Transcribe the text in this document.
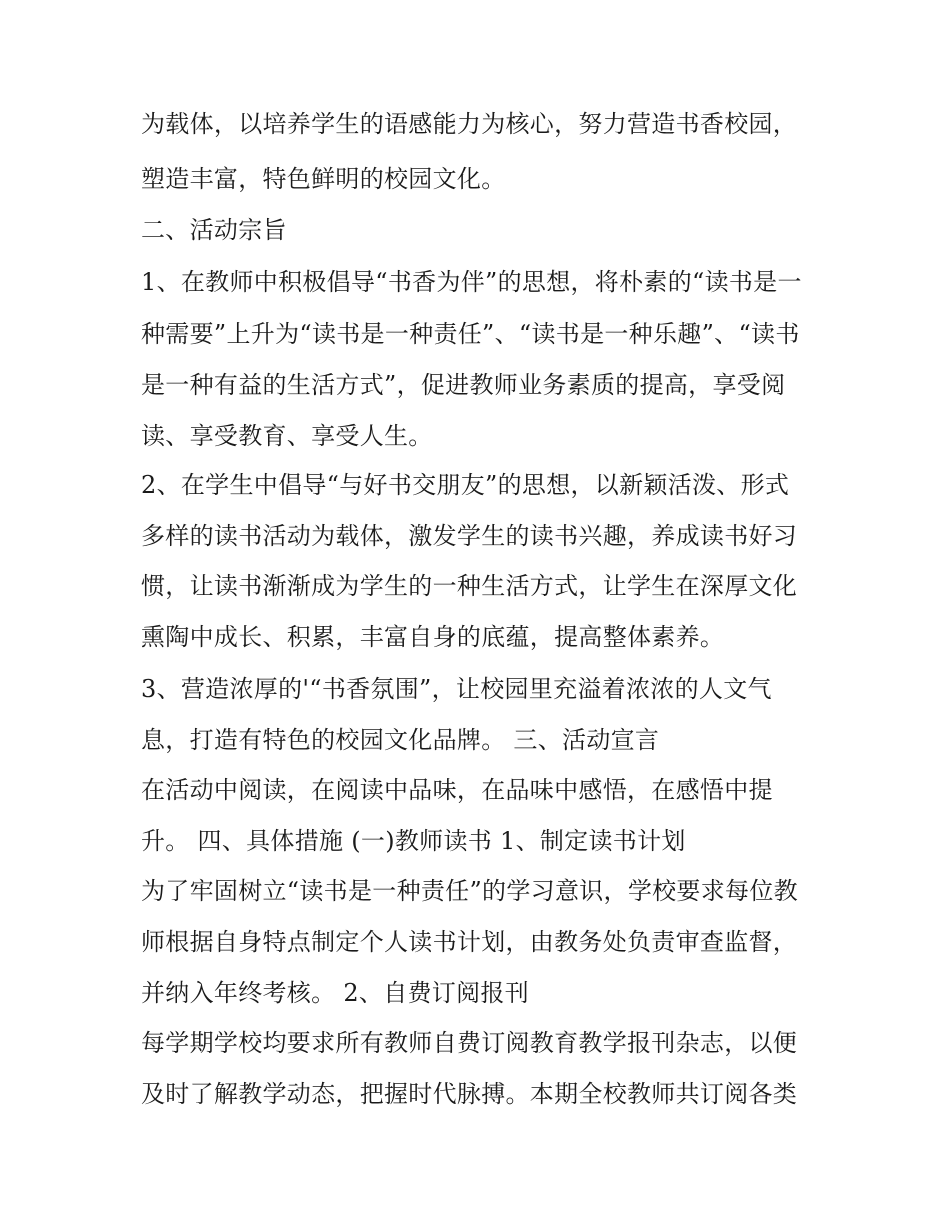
为载体，以培养学生的语感能力为核心，努力营造书香校园，
塑造丰富，特色鲜明的校园文化。
二、活动宗旨
1、在教师中积极倡导“书香为伴”的思想，将朴素的“读书是一
种需要”上升为“读书是一种责任”、“读书是一种乐趣”、“读书
是一种有益的生活方式”，促进教师业务素质的提高，享受阅
读、享受教育、享受人生。
2、在学生中倡导“与好书交朋友”的思想，以新颖活泼、形式
多样的读书活动为载体，激发学生的读书兴趣，养成读书好习
惯，让读书渐渐成为学生的一种生活方式，让学生在深厚文化
熏陶中成长、积累，丰富自身的底蕴，提高整体素养。
3、营造浓厚的'“书香氛围”，让校园里充溢着浓浓的人文气
息，打造有特色的校园文化品牌。 三、活动宣言
在活动中阅读，在阅读中品味，在品味中感悟，在感悟中提
升。 四、具体措施 (一)教师读书 1、制定读书计划
为了牢固树立“读书是一种责任”的学习意识，学校要求每位教
师根据自身特点制定个人读书计划，由教务处负责审查监督，
并纳入年终考核。 2、自费订阅报刊
每学期学校均要求所有教师自费订阅教育教学报刊杂志，以便
及时了解教学动态，把握时代脉搏。本期全校教师共订阅各类
